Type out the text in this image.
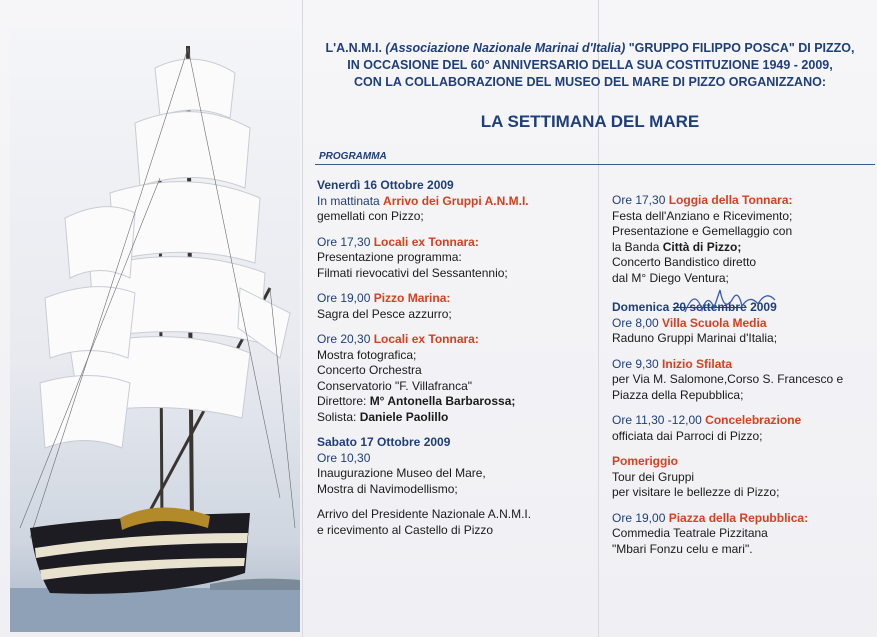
L'A.N.M.I. (Associazione Nazionale Marinai d'Italia) "GRUPPO FILIPPO POSCA" DI PIZZO,
IN OCCASIONE DEL 60° ANNIVERSARIO DELLA SUA COSTITUZIONE 1949 - 2009,
CON LA COLLABORAZIONE DEL MUSEO DEL MARE DI PIZZO ORGANIZZANO:
LA SETTIMANA DEL MARE
PROGRAMMA
Venerdì 16 Ottobre 2009
In mattinata Arrivo dei Gruppi A.N.M.I.
gemellati con Pizzo;
Ore 17,30 Locali ex Tonnara:
Presentazione programma:
Filmati rievocativi del Sessantennio;
Ore 19,00 Pizzo Marina:
Sagra del Pesce azzurro;
Ore 20,30 Locali ex Tonnara:
Mostra fotografica;
Concerto Orchestra
Conservatorio "F. Villafranca"
Direttore: M° Antonella Barbarossa;
Solista: Daniele Paolillo
Sabato 17 Ottobre 2009
Ore 10,30
Inaugurazione Museo del Mare,
Mostra di Navimodellismo;
Arrivo del Presidente Nazionale A.N.M.I.
e ricevimento al Castello di Pizzo
Ore 17,30 Loggia della Tonnara:
Festa dell'Anziano e Ricevimento;
Presentazione e Gemellaggio con
la Banda Città di Pizzo;
Concerto Bandistico diretto
dal M° Diego Ventura;
Domenica 20 settembre 2009
Ore 8,00 Villa Scuola Media
Raduno Gruppi Marinai d'Italia;
Ore 9,30 Inizio Sfilata
per Via M. Salomone,Corso S. Francesco e
Piazza della Repubblica;
Ore 11,30 -12,00 Concelebrazione
officiata dai Parroci di Pizzo;
Pomeriggio
Tour dei Gruppi
per visitare le bellezze di Pizzo;
Ore 19,00 Piazza della Repubblica:
Commedia Teatrale Pizzitana
"Mbari Fonzu celu e mari".
